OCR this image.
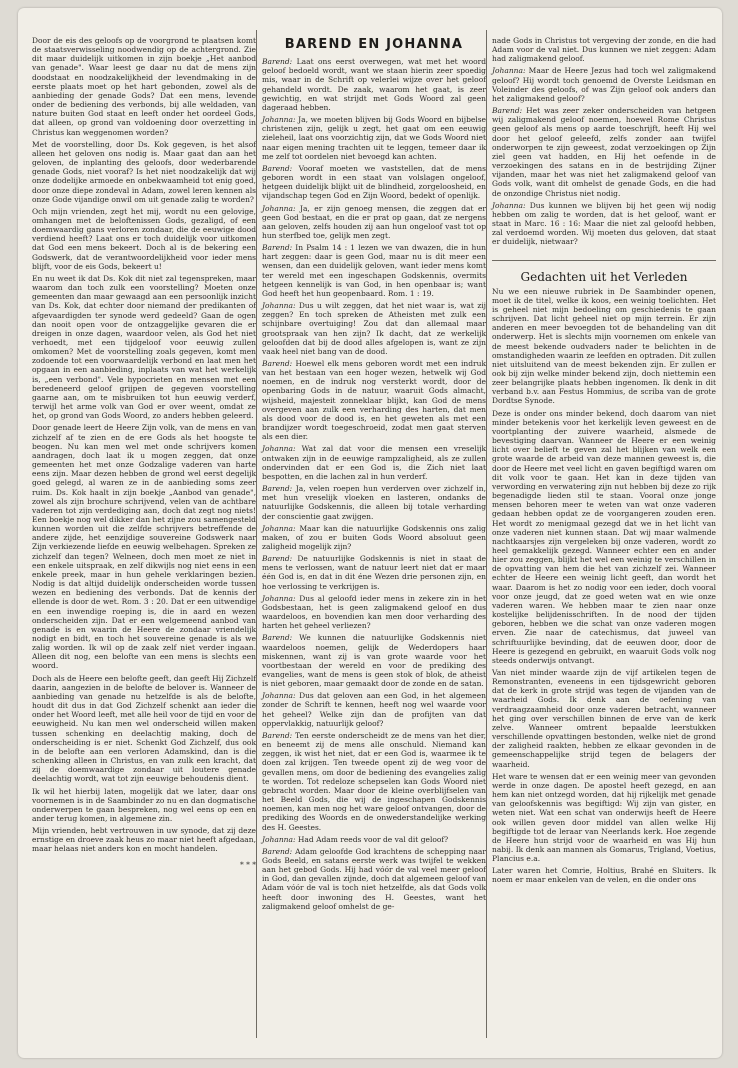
Door de eis des geloofs op de voorgrond te plaatsen komt de staatsverwisseling noodwendig op de achtergrond. Zie dit maar duidelijk uitkomen in zijn boekje „Het aanbod van genade". Waar leest ge daar nu dat de mens zijn doodstaat en noodzakelijkheid der levendmaking in de eerste plaats moet op het hart gebonden, zowel als de aanbieding der genade Gods? Dat een mens, levende onder de bediening des verbonds, bij alle weldaden, van nature buiten God staat en leeft onder het oordeel Gods, dat alleen, op grond van voldoening door overzetting in Christus kan weggenomen worden?

Met de voorstelling, door Ds. Kok gegeven, is het alsof alleen het geloven ons nodig is. Maar gaat dan aan het geloven, de inplanting des geloofs, door wederbarende genade Gods, niet vooraf? Is het niet noodzakelijk dat wij onze dodelijke armoede en onbekwaamheid tot enig goed, door onze diepe zondeval in Adam, zowel leren kennen als onze Gode vijandige onwil om uit genade zalig te worden?

Och mijn vrienden, zegt het mij, wordt nu een gelovige, omhangen met de beloftenissen Gods, gezaligd, of een doemwaardig gans verloren zondaar, die de eeuwige dood verdiend heeft? Laat ons er toch duidelijk voor uitkomen dat God een mens bekeert. Doch al is de bekering een Godswerk, dat de verantwoordelijkheid voor ieder mens blijft, voor de eis Gods, bekeert u!

En nu weet ik dat Ds. Kok dit niet zal tegenspreken, maar waarom dan toch zulk een voorstelling? Moeten onze gemeenten dan maar gewaagd aan een persoonlijk inzicht van Ds. Kok, dat echter door niemand der predikanten of afgevaardigden ter synode werd gedeeld? Gaan de ogen dan nooit open voor de ontzaggelijke gevaren die er dreigen in onze dagen, waardoor velen, als God het niet verhoedt, met een tijdgeloof voor eeuwig zullen omkomen? Met de voorstelling zoals gegeven, komt men zodoende tot een voorwaardelijk verbond en laat men het opgaan in een aanbieding, inplaats van wat het werkelijk is, „een verbond". Vele hypocrieten en mensen met een beredeneerd geloof grijpen de gegeven voorstelling gaarne aan, om te misbruiken tot hun eeuwig verderf, terwijl het arme volk van God er over weent, omdat ze het, op grond van Gods Woord, zo anders hebben geleerd.

Door genade leert de Heere Zijn volk, van de mens en van zichzelf af te zien en de ere Gods als het hoogste te beogen. Nu kan men wel met onde schrijvers komen aandragen, doch laat ik u mogen zeggen, dat onze gemeenten het met onze Godzalige vaderen van harte eens zijn. Maar dezen hebben de grond wel eerst degelijk goed gelegd, al waren ze in de aanbieding soms zeer ruim. Ds. Kok haalt in zijn boekje „Aanbod van genade", zowel als zijn brochure schrijvend, velen van de achtbare vaderen tot zijn verdediging aan, doch dat zegt nog niets! Een boekje nog wel dikker dan het zijne zou samengesteld kunnen worden uit die zelfde schrijvers betreffende de andere zijde, het eenzijdige souvereine Godswerk naar Zijn verkiezende liefde en eeuwig welbehagen. Spreken ze zichzelf dan tegen? Welneen, doch men moet ze niet in een enkele uitspraak, en zelf dikwijls nog niet eens in een enkele preek, maar in hun gehele verklaringen bezien. Nodig is dat altijd duidelijk onderscheiden worde tussen wezen en bediening des verbonds. Dat de kennis der ellende is door de wet. Rom. 3 : 20. Dat er een uitwendige en een inwendige roeping is, die in aard en wezen onderscheiden zijn. Dat er een welgemeend aanbod van genade is en waarin de Heere de zondaar vriendelijk nodigt en bidt, en toch het souvereine genade is als we zalig worden. Ik wil op de zaak zelf niet verder ingaan. Alleen dit nog, een belofte van een mens is slechts een woord.

Doch als de Heere een belofte geeft, dan geeft Hij Zichzelf daarin, aangezien in de belofte de belover is. Wanneer de aanbieding van genade nu hetzelfde is als de belofte, houdt dit dus in dat God Zichzelf schenkt aan ieder die onder het Woord leeft, met alle heil voor de tijd en voor de eeuwigheid. Nu kan men wel onderscheid willen maken tussen schenking en deelachtig making, doch de onderscheiding is er niet. Schenkt God Zichzelf, dus ook in de belofte aan een verloren Adamskind, dan is die schenking alleen in Christus, en van zulk een kracht, dat zij de doemwaardige zondaar uit loutere genade deelachtig wordt, wat tot zijn eeuwige behoudenis dient.

Ik wil het hierbij laten, mogelijk dat we later, daar ons voornemen is in de Saambinder zo nu en dan dogmatische onderwerpen te gaan bespreken, nog wel eens op een en ander terug komen, in algemene zin.

Mijn vrienden, hebt vertrouwen in uw synode, dat zij deze ernstige en droeve zaak heus zo maar niet heeft afgedaan, maar helaas niet anders kon en mocht handelen.

* * *
BAREND EN JOHANNA

Barend: Laat ons eerst overwegen, wat met het woord geloof bedoeld wordt, want we staan hierin zeer spoedig mis, waar in de Schrift op velerlei wijze over het geloof gehandeld wordt. De zaak, waarom het gaat, is zeer gewichtig, en wat strijdt met Gods Woord zal geen dageraad hebben.

Johanna: Ja, we moeten blijven bij Gods Woord en bijbelse christenen zijn, gelijk u zegt, het gaat om een eeuwig zieleheil, laat ons voorzichtig zijn, dat we Gods Woord niet naar eigen mening trachten uit te leggen, temeer daar ik me zelf tot oordelen niet bevoegd kan achten.

Barend: Vooraf moeten we vaststellen, dat de mens geboren wordt in een staat van volslagen ongeloof, hetgeen duidelijk blijkt uit de blindheid, zorgeloosheid, en vijandschap tegen God en Zijn Woord, bedekt of openlijk.

Johanna: Ja, er zijn genoeg mensen, die zeggen dat er geen God bestaat, en die er prat op gaan, dat ze nergens aan geloven, zelfs houden zij aan hun ongeloof vast tot op hun sterfbed toe, gelijk men zegt.

Barend: In Psalm 14 : 1 lezen we van dwazen, die in hun hart zeggen: daar is geen God, maar nu is dit meer een wensen, dan een duidelijk geloven, want ieder mens komt ter wereld met een ingeschapen Godskennis, overmits hetgeen kennelijk is van God, in hen openbaar is; want God heeft het hun geopenbaard. Rom. 1 : 19.

Johanna: Dus u wilt zeggen, dat het niet waar is, wat zij zeggen? En toch spreken de Atheisten met zulk een schijnbare overtuiging! Zou dat dan allemaal maar grootspraak van hen zijn? Ik dacht, dat ze werkelijk geloofden dat bij de dood alles afgelopen is, want ze zijn vaak heel niet bang van de dood.

Barend: Hoewel elk mens geboren wordt met een indruk van het bestaan van een hoger wezen, hetwelk wij God noemen, en de indruk nog versterkt wordt, door de openbaring Gods in de natuur, waaruit Gods almacht, wijsheid, majesteit zonneklaar blijkt, kan God de mens overgeven aan zulk een verharding des harten, dat men als dood voor de dood is, en het geweten als met een brandijzer wordt toegeschroeid, zodat men gaat sterven als een dier.

Johanna: Wat zal dat voor die mensen een vreselijk ontwaken zijn in de eeuwige rampzaligheid, als ze zullen ondervinden dat er een God is, die Zich niet laat bespotten, en die lachen zal in hun verderf.

Barend: Ja, velen roepen hun verderven over zichzelf in, met hun vreselijk vloeken en lasteren, ondanks de natuurlijke Godskennis, die alleen bij totale verharding der conscientie gaat zwijgen.

Johanna: Maar kan die natuurlijke Godskennis ons zalig maken, of zou er buiten Gods Woord absoluut geen zaligheid mogelijk zijn?

Barend: De natuurlijke Godskennis is niet in staat de mens te verlossen, want de natuur leert niet dat er maar één God is, en dat in dit éne Wezen drie personen zijn, en hoe verlossing te verkrijgen is.

Johanna: Dus al geloofd ieder mens in zekere zin in het Godsbestaan, het is geen zaligmakend geloof en dus waardeloos, en bovendien kan men door verharding des harten het geheel verliezen?

Barend: We kunnen die natuurlijke Godskennis niet waardeloos noemen, gelijk de Wederdopers haar miskennen, want zij is van grote waarde voor het voortbestaan der wereld en voor de prediking des evangelies, want de mens is geen stok of blok, de atheist is niet geboren, maar gemaakt door de zonde en de satan.

Johanna: Dus dat geloven aan een God, in het algemeen zonder de Schrift te kennen, heeft nog wel waarde voor het geheel? Welke zijn dan de profijten van dat oppervlakkig, natuurlijk geloof?

Barend: Ten eerste onderscheidt ze de mens van het dier, en beneemt zij de mens alle onschuld. Niemand kan zeggen, ik wist het niet, dat er een God is, waarmee ik te doen zal krijgen. Ten tweede opent zij de weg voor de gevallen mens, om door de bediening des evangelies zalig te worden. Tot redeloze schepselen kan Gods Woord niet gebracht worden. Maar door de kleine overblijfselen van het Beeld Gods, die wij de ingeschapen Godskennis noemen, kan men nog het ware geloof ontvangen, door de prediking des Woords en de onwederstandelijke werking des H. Geestes.

Johanna: Had Adam reeds voor de val dit geloof?

Barend: Adam geloofde God krachtens de schepping naar Gods Beeld, en satans eerste werk was twijfel te wekken aan het gebod Gods. Hij had vóór de val veel meer geloof in God, dan gevallen zijnde, doch dat algemeen geloof van Adam vóór de val is toch niet hetzelfde, als dat Gods volk heeft door inwoning des H. Geestes, want het zaligmakend geloof omhelst de ge-

nade Gods in Christus tot vergeving der zonde, en die had Adam voor de val niet. Dus kunnen we niet zeggen: Adam had zaligmakend geloof.

Johanna: Maar de Heere Jezus had toch wel zaligmakend geloof? Hij wordt toch genoemd de Overste Leidsman en Voleinder des geloofs, of was Zijn geloof ook anders dan het zaligmakend geloof?

Barend: Het was zeer zeker onderscheiden van hetgeen wij zaligmakend geloof noemen, hoewel Rome Christus geen geloof als mens op aarde toeschrijft, heeft Hij wel door het geloof geleefd, zelfs zonder aan twijfel onderworpen te zijn geweest, zodat verzoekingen op Zijn ziel geen vat hadden, en Hij het oefende in de verzoekingen des satans en in de bestrijding Zijner vijanden, maar het was niet het zaligmakend geloof van Gods volk, want dit omhelst de genade Gods, en die had de onzondige Christus niet nodig.

Johanna: Dus kunnen we blijven bij het geen wij nodig hebben om zalig te worden, dat is het geloof, want er staat in Marc. 16 : 16: Maar die niet zal geloofd hebben, zal verdoemd worden. Wij moeten dus geloven, dat staat er duidelijk, nietwaar?

Gedachten uit het Verleden

Nu we een nieuwe rubriek in De Saambinder openen, moet ik de titel, welke ik koos, een weinig toelichten. Het is geheel niet mijn bedoeling om geschiedenis te gaan schrijven. Dat licht geheel niet op mijn terrein. Er zijn anderen en meer bevoegden tot de behandeling van dit onderwerp. Het is slechts mijn voornemen om enkele van de meest bekende oudvaders nader te belichten in de omstandigheden waarin ze leefden en optraden. Dit zullen niet uitsluitend van de meest bekenden zijn. Er zullen er ook bij zijn welke minder bekend zijn, doch niettemin een zeer belangrijke plaats hebben ingenomen. Ik denk in dit verband b.v. aan Festus Hommius, de scriba van de grote Dordtse Synode.

Deze is onder ons minder bekend, doch daarom van niet minder betekenis voor het kerkelijk leven geweest en de voortplanting der zuivere waarheid, alsmede de bevestiging daarvan. Wanneer de Heere er een weinig licht over belieft te geven zal het blijken van welk een grote waarde de arbeid van deze mannen geweest is, die door de Heere met veel licht en gaven begiftigd waren om dit volk voor te gaan. Het kan in deze tijden van verwording en verwatering zijn nut hebben bij deze zo rijk begenadigde lieden stil te staan. Vooral onze jonge mensen behoren meer te weten van wat onze vaderen gedaan hebben opdat ze de voorgangeren zouden eren. Het wordt zo menigmaal gezegd dat we in het licht van onze vaderen niet kunnen staan. Dat wij maar walmende nachtkaarsjes zijn vergeleken bij onze vaderen, wordt zo heel gemakkelijk gezegd. Wanneer echter een en ander hier zou zeggen, blijkt het wel een weinig te verschillen in de opvatting van hem die het van zichzelf zei. Wanneer echter de Heere een weinig licht geeft, dan wordt het waar. Daarom is het zo nodig voor een ieder, doch vooral voor onze jeugd, dat ze goed weten wat en wie onze vaderen waren. We hebben maar te zien naar onze kostelijke belijdenisschriften. In de nood der tijden geboren, hebben we die schat van onze vaderen mogen erven. Zie naar de catechismus, dat juweel van schriftuurlijke bevinding, dat de eeuwen door, door de Heere is gezegend en gebruikt, en waaruit Gods volk nog steeds onderwijs ontvangt.

Van niet minder waarde zijn de vijf artikelen tegen de Remonstranten, eveneens in een tijdsgewricht geboren dat de kerk in grote strijd was tegen de vijanden van de waarheid Gods. Ik denk aan de oefening van verdraagzaamheid door onze vaderen betracht, wanneer het ging over verschillen binnen de erve van de kerk zelve. Wanneer omtrent bepaalde leerstukken verschillende opvattingen bestonden, welke niet de grond der zaligheid raakten, hebben ze elkaar gevonden in de gemeenschappelijke strijd tegen de belagers der waarheid.

Het ware te wensen dat er een weinig meer van gevonden werde in onze dagen. De apostel heeft gezegd, en aan hem kan niet ontzegd worden, dat hij rijkelijk met genade van geloofskennis was begiftigd: Wij zijn van gister, en weten niet. Wat een schat van onderwijs heeft de Heere ook willen geven door middel van allen welke Hij begiftigde tot de leraar van Neerlands kerk. Hoe zegende de Heere hun strijd voor de waarheid en was Hij hun nabij. Ik denk aan mannen als Gomarus, Trigland, Voetius, Plancius e.a.

Later waren het Comrie, Holtius, Brahé en Sluiters. Ik noem er maar enkelen van de velen, en die onder ons
